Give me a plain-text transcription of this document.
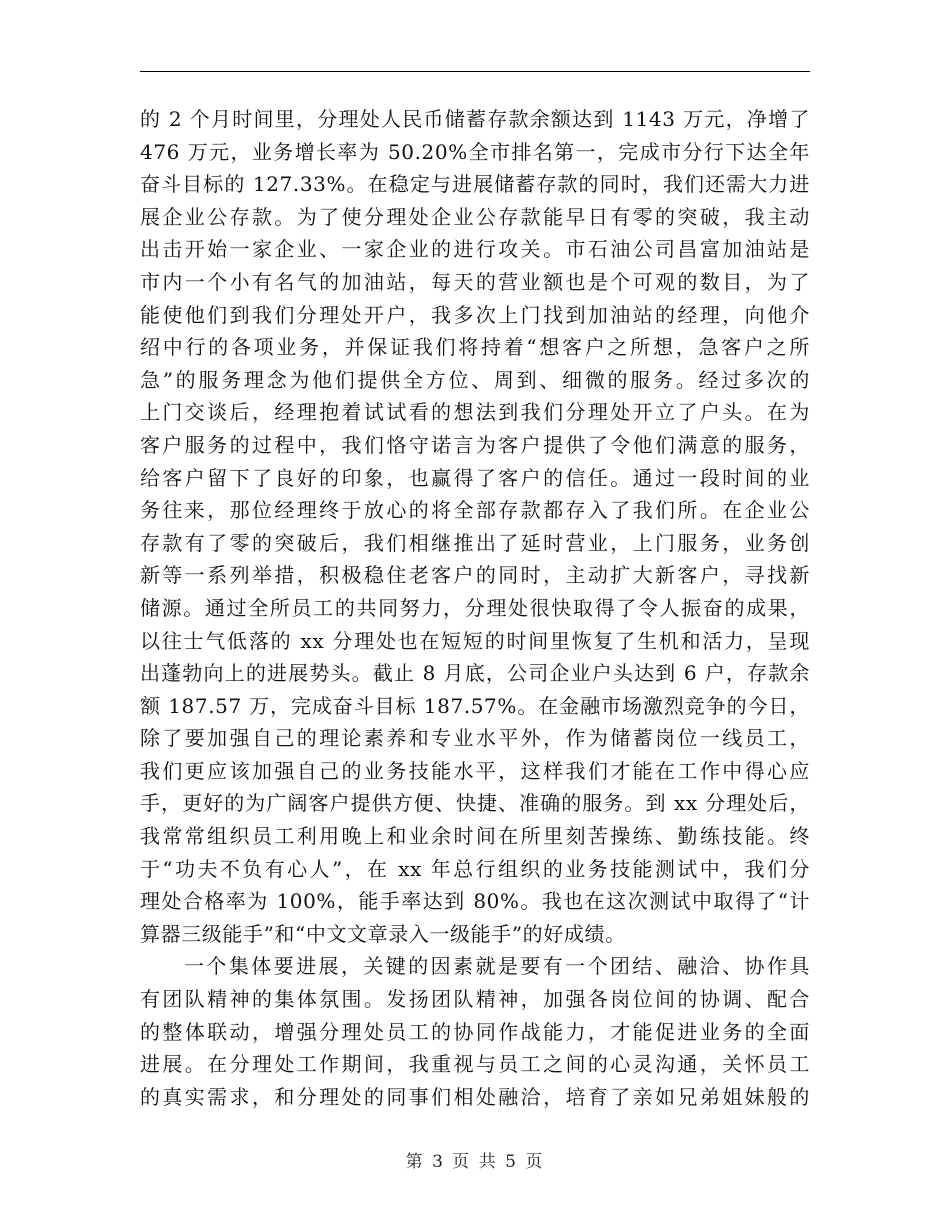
的 2 个月时间里，分理处人民币储蓄存款余额达到 1143 万元，净增了
476 万元，业务增长率为 50.20%全市排名第一，完成市分行下达全年
奋斗目标的 127.33%。在稳定与进展储蓄存款的同时，我们还需大力进
展企业公存款。为了使分理处企业公存款能早日有零的突破，我主动
出击开始一家企业、一家企业的进行攻关。市石油公司昌富加油站是
市内一个小有名气的加油站，每天的营业额也是个可观的数目，为了
能使他们到我们分理处开户，我多次上门找到加油站的经理，向他介
绍中行的各项业务，并保证我们将持着“想客户之所想，急客户之所
急”的服务理念为他们提供全方位、周到、细微的服务。经过多次的
上门交谈后，经理抱着试试看的想法到我们分理处开立了户头。在为
客户服务的过程中，我们恪守诺言为客户提供了令他们满意的服务，
给客户留下了良好的印象，也赢得了客户的信任。通过一段时间的业
务往来，那位经理终于放心的将全部存款都存入了我们所。在企业公
存款有了零的突破后，我们相继推出了延时营业，上门服务，业务创
新等一系列举措，积极稳住老客户的同时，主动扩大新客户，寻找新
储源。通过全所员工的共同努力，分理处很快取得了令人振奋的成果，
以往士气低落的 xx 分理处也在短短的时间里恢复了生机和活力，呈现
出蓬勃向上的进展势头。截止 8 月底，公司企业户头达到 6 户，存款余
额 187.57 万，完成奋斗目标 187.57%。在金融市场激烈竞争的今日，
除了要加强自己的理论素养和专业水平外，作为储蓄岗位一线员工，
我们更应该加强自己的业务技能水平，这样我们才能在工作中得心应
手，更好的为广阔客户提供方便、快捷、准确的服务。到 xx 分理处后，
我常常组织员工利用晚上和业余时间在所里刻苦操练、勤练技能。终
于“功夫不负有心人”，在 xx 年总行组织的业务技能测试中，我们分
理处合格率为 100%，能手率达到 80%。我也在这次测试中取得了“计
算器三级能手”和“中文文章录入一级能手”的好成绩。
一个集体要进展，关键的因素就是要有一个团结、融洽、协作具
有团队精神的集体氛围。发扬团队精神，加强各岗位间的协调、配合
的整体联动，增强分理处员工的协同作战能力，才能促进业务的全面
进展。在分理处工作期间，我重视与员工之间的心灵沟通，关怀员工
的真实需求，和分理处的同事们相处融洽，培育了亲如兄弟姐妹般的
第 3 页 共 5 页
